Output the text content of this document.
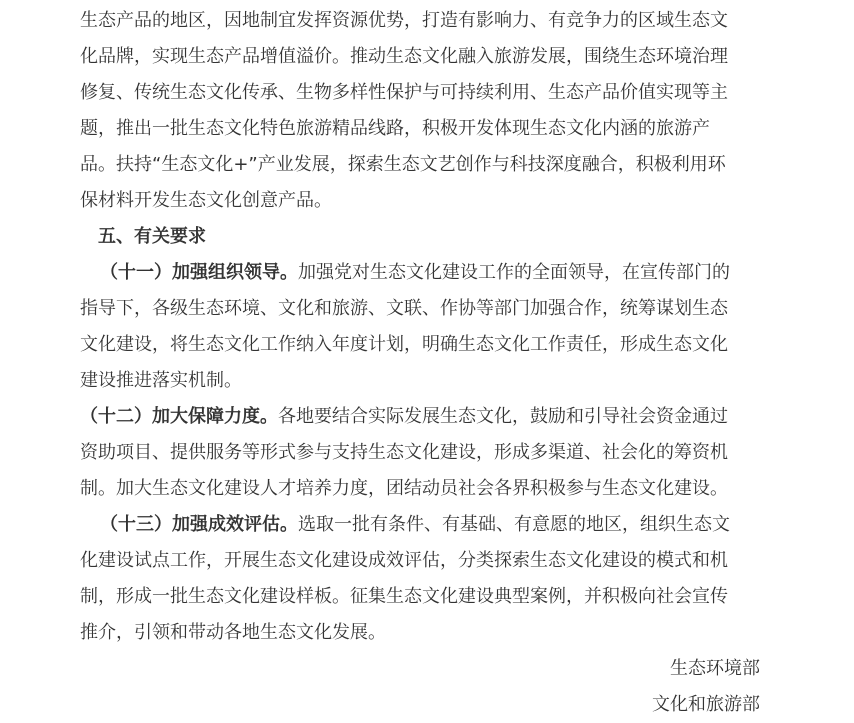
生态产品的地区，因地制宜发挥资源优势，打造有影响力、有竞争力的区域生态文
化品牌，实现生态产品增值溢价。推动生态文化融入旅游发展，围绕生态环境治理
修复、传统生态文化传承、生物多样性保护与可持续利用、生态产品价值实现等主
题，推出一批生态文化特色旅游精品线路，积极开发体现生态文化内涵的旅游产
品。扶持“生态文化+”产业发展，探索生态文艺创作与科技深度融合，积极利用环
保材料开发生态文化创意产品。
五、有关要求
（十一）加强组织领导。 加强党对生态文化建设工作的全面领导，在宣传部门的
指导下，各级生态环境、文化和旅游、文联、作协等部门加强合作，统筹谋划生态
文化建设，将生态文化工作纳入年度计划，明确生态文化工作责任，形成生态文化
建设推进落实机制。
（十二）加大保障力度。 各地要结合实际发展生态文化，鼓励和引导社会资金通过
资助项目、提供服务等形式参与支持生态文化建设，形成多渠道、社会化的筹资机
制。加大生态文化建设人才培养力度，团结动员社会各界积极参与生态文化建设。
（十三）加强成效评估。 选取一批有条件、有基础、有意愿的地区，组织生态文
化建设试点工作，开展生态文化建设成效评估，分类探索生态文化建设的模式和机
制，形成一批生态文化建设样板。征集生态文化建设典型案例，并积极向社会宣传
推介，引领和带动各地生态文化发展。
生态环境部
文化和旅游部
